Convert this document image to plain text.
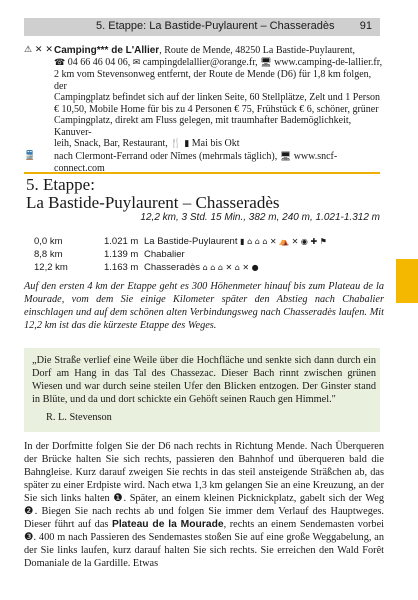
5. Etappe: La Bastide-Puylaurent – Chasseradès 91
⚠ ✕ ✕ Camping*** de L'Allier, Route de Mende, 48250 La Bastide-Puylaurent,
☎ 04 66 46 04 06, ✉ campingdelallier@orange.fr, 🖥 www.camping-de-lallier.fr,
2 km vom Stevensonweg entfernt, der Route de Mende (D6) für 1,8 km folgen, der
Campingplatz befindet sich auf der linken Seite, 60 Stellplätze, Zelt und 1 Person
€ 10,50, Mobile Home für bis zu 4 Personen € 75, Frühstück € 6, schöner, grüner
Campingplatz, direkt am Fluss gelegen, mit traumhafter Bademöglichkeit, Kanuver-
leih, Snack, Bar, Restaurant, 🍴 ▮ Mai bis Okt
🚆 nach Clermont-Ferrand oder Nîmes (mehrmals täglich), 🖥 www.sncf-connect.com
5. Etappe:
La Bastide-Puylaurent – Chasseradès
12,2 km, 3 Std. 15 Min., 382 m, 240 m, 1.021-1.312 m
0,0 km	1.021 m La Bastide-Puylaurent ▮ ⌂ ⌂ ⌂ ✕ ⛺ ✕ ◉ ✚ ⚑
8,8 km	1.139 m Chabalier
12,2 km	1.163 m Chasseradès ⌂ ⌂ ⌂ ✕ ⌂ ✕ ●
Auf den ersten 4 km der Etappe geht es 300 Höhenmeter hinauf bis zum Plateau de la Mourade, vom dem Sie einige Kilometer später den Abstieg nach Chabalier einschlagen und auf dem schönen alten Verbindungsweg nach Chasseradès laufen. Mit 12,2 km ist das die kürzeste Etappe des Weges.
„Die Straße verlief eine Weile über die Hochfläche und senkte sich dann durch ein Dorf am Hang in das Tal des Chassezac. Dieser Bach rinnt zwischen grünen Wiesen und war durch seine steilen Ufer den Blicken entzogen. Der Ginster stand in Blüte, und da und dort schickte ein Gehöft seinen Rauch gen Himmel."
R. L. Stevenson
In der Dorfmitte folgen Sie der D6 nach rechts in Richtung Mende. Nach Überqueren der Brücke halten Sie sich rechts, passieren den Bahnhof und überqueren bald die Bahngleise. Kurz darauf zweigen Sie rechts in das steil ansteigende Sträßchen ab, das später zu einer Erdpiste wird. Nach etwa 1,3 km gelangen Sie an eine Kreuzung, an der Sie sich links halten ❶. Später, an einem kleinen Picknickplatz, gabelt sich der Weg ❷. Biegen Sie nach rechts ab und folgen Sie immer dem Verlauf des Hauptweges. Dieser führt auf das Plateau de la Mourade, rechts an einem Sendemasten vorbei ❸. 400 m nach Passieren des Sendemastes stoßen Sie auf eine große Weggabelung, an der Sie links laufen, kurz darauf halten Sie sich rechts. Sie erreichen den Wald Forêt Domaniale de la Gardille. Etwas
